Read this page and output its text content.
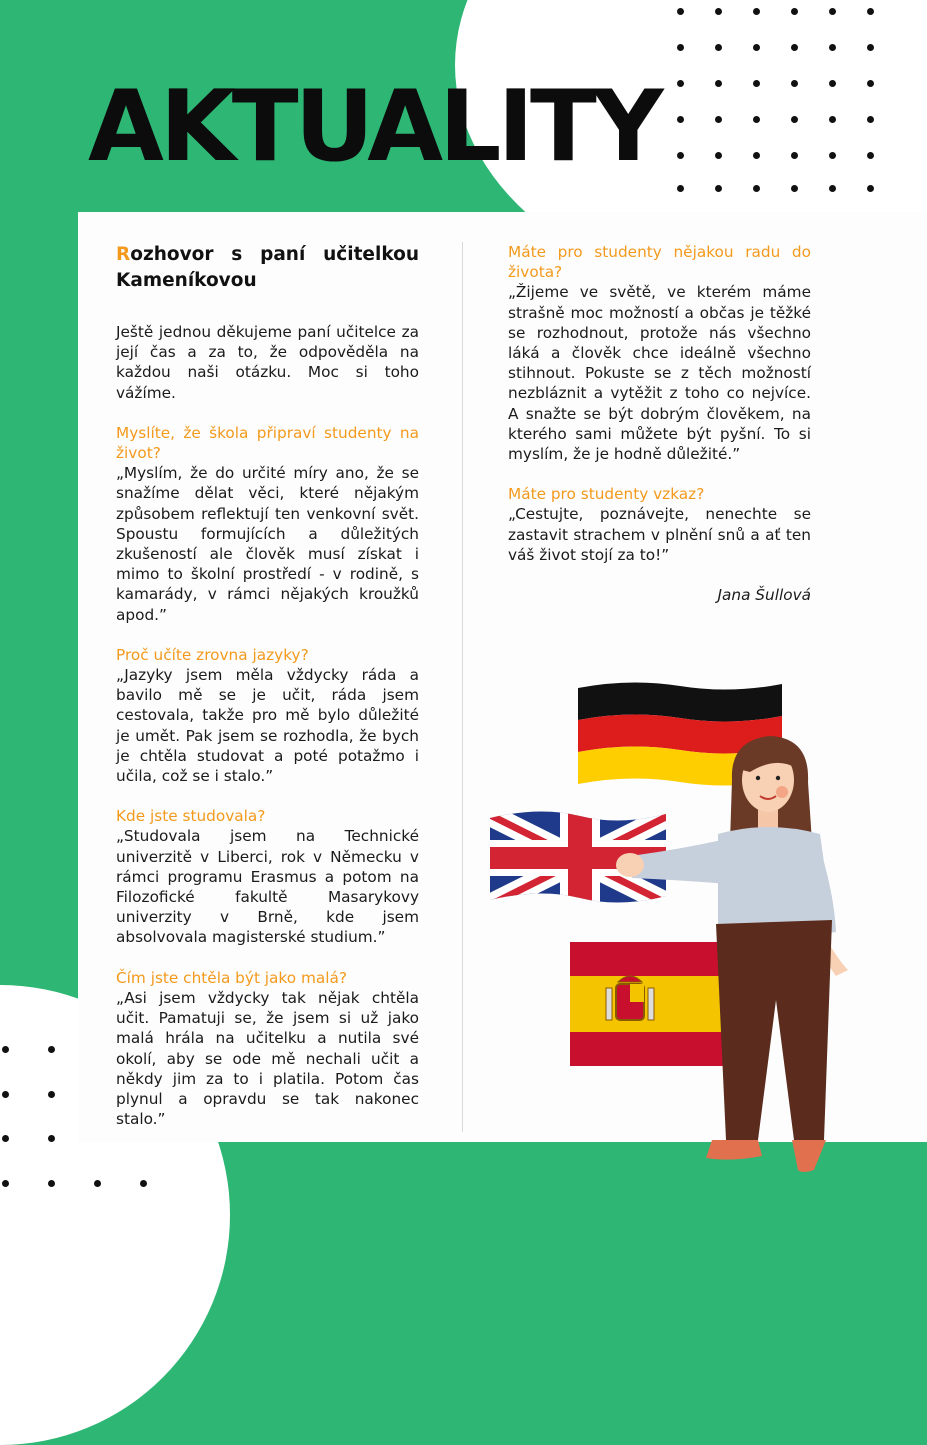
AKTUALITY

Rozhovor s paní učitelkou Kameníkovou

Ještě jednou děkujeme paní učitelce za její čas a za to, že odpověděla na každou naši otázku. Moc si toho vážíme.

Myslíte, že škola připraví studenty na život?

„Myslím, že do určité míry ano, že se snažíme dělat věci, které nějakým způsobem reflektují ten venkovní svět. Spoustu formujících a důležitých zkušeností ale člověk musí získat i mimo to školní prostředí - v rodině, s kamarády, v rámci nějakých kroužků apod.”

Proč učíte zrovna jazyky?

„Jazyky jsem měla vždycky ráda a bavilo mě se je učit, ráda jsem cestovala, takže pro mě bylo důležité je umět. Pak jsem se rozhodla, že bych je chtěla studovat a poté potažmo i učila, což se i stalo.”

Kde jste studovala?

„Studovala jsem na Technické univerzitě v Liberci, rok v Německu v rámci programu Erasmus a potom na Filozofické fakultě Masarykovy univerzity v Brně, kde jsem absolvovala magisterské studium.”

Čím jste chtěla být jako malá?

„Asi jsem vždycky tak nějak chtěla učit. Pamatuji se, že jsem si už jako malá hrála na učitelku a nutila své okolí, aby se ode mě nechali učit a někdy jim za to i platila. Potom čas plynul a opravdu se tak nakonec stalo.”

Máte pro studenty nějakou radu do života?

„Žijeme ve světě, ve kterém máme strašně moc možností a občas je těžké se rozhodnout, protože nás všechno láká a člověk chce ideálně všechno stihnout. Pokuste se z těch možností nezbláznit a vytěžit z toho co nejvíce. A snažte se být dobrým člověkem, na kterého sami můžete být pyšní. To si myslím, že je hodně důležité.”

Máte pro studenty vzkaz?

„Cestujte, poznávejte, nenechte se zastavit strachem v plnění snů a ať ten váš život stojí za to!”

Jana Šullová
